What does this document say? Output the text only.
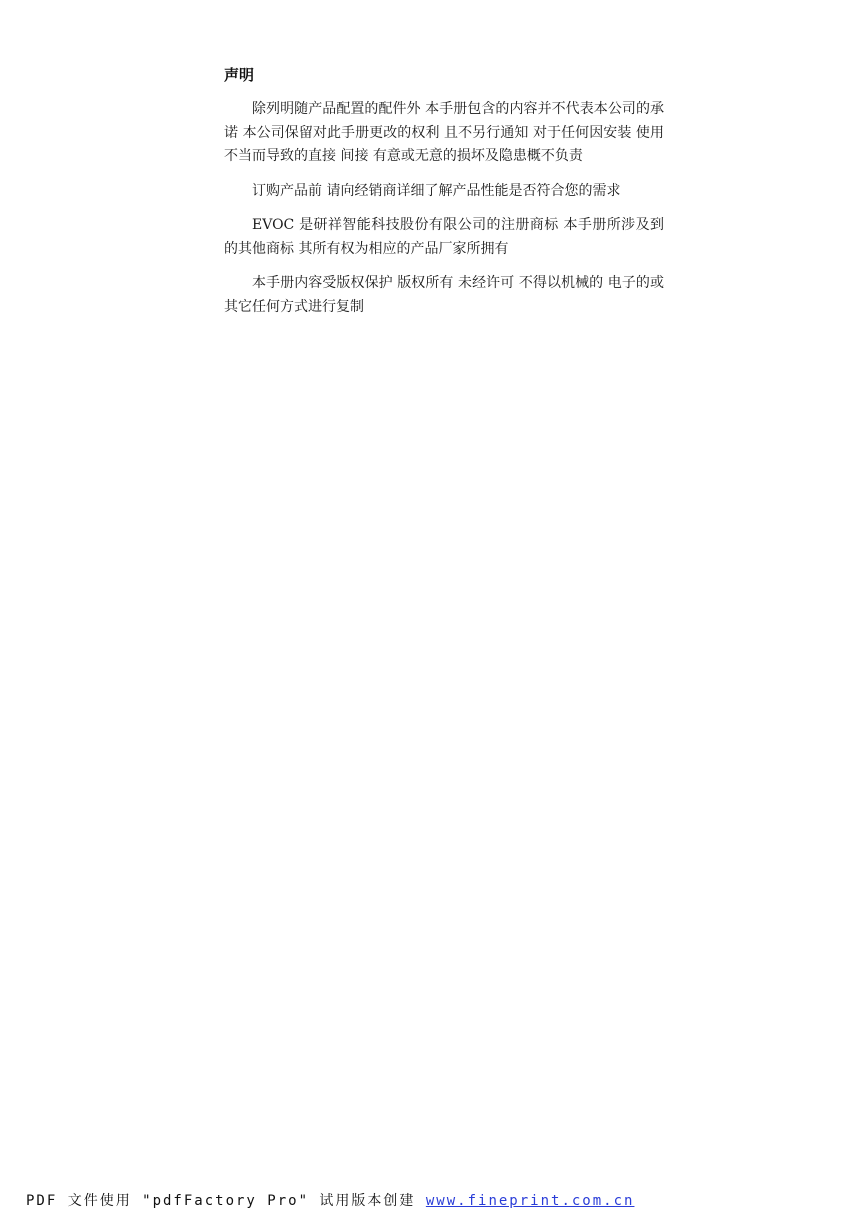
声明

除列明随产品配置的配件外 本手册包含的内容并不代表本公司的承诺 本公司保留对此手册更改的权利 且不另行通知 对于任何因安装 使用不当而导致的直接 间接 有意或无意的损坏及隐患概不负责

订购产品前 请向经销商详细了解产品性能是否符合您的需求

EVOC 是研祥智能科技股份有限公司的注册商标 本手册所涉及到的其他商标 其所有权为相应的产品厂家所拥有

本手册内容受版权保护 版权所有 未经许可 不得以机械的 电子的或其它任何方式进行复制

PDF 文件使用 "pdfFactory Pro" 试用版本创建 www.fineprint.com.cn
